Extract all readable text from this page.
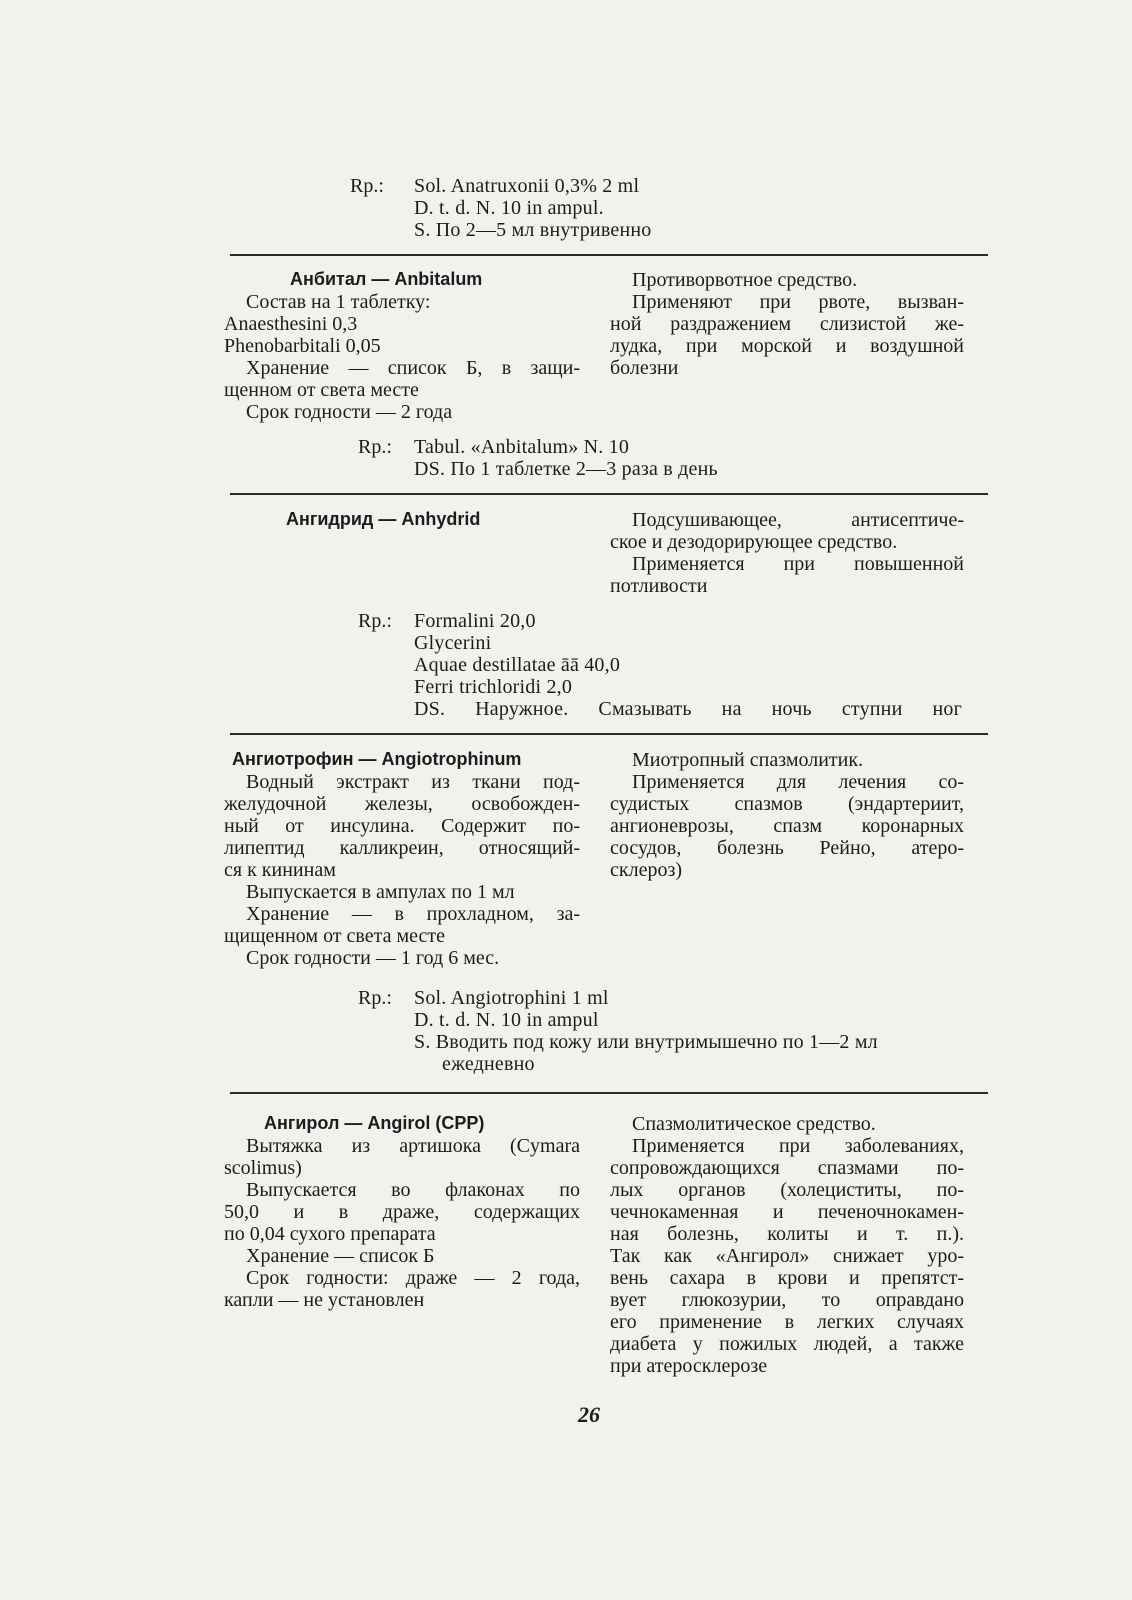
Rp.: Sol. Anatruxonii 0,3% 2 ml
D. t. d. N. 10 in ampul.
S. По 2—5 мл внутривенно
Анбитал — Anbitalum
Состав на 1 таблетку:
Anaesthesini 0,3
Phenobarbitali 0,05
Хранение — список Б, в защи-
щенном от света месте
Срок годности — 2 года
Противорвотное средство.
Применяют при рвоте, вызван-
ной раздражением слизистой же-
лудка, при морской и воздушной
болезни
Rp.: Tabul. «Anbitalum» N. 10
DS. По 1 таблетке 2—3 раза в день
Ангидрид — Anhydrid	Подсушивающее, антисептиче-
ское и дезодорирующее средство.
Применяется при повышенной
потливости
Rp.: Formalini 20,0
Glycerini
Aquae destillatae āā 40,0
Ferri trichloridi 2,0
DS. Наружное. Смазывать на ночь ступни ног
Ангиотрофин — Angiotrophinum
Водный экстракт из ткани под-
желудочной железы, освобожден-
ный от инсулина. Содержит по-
липептид калликреин, относящий-
ся к кининам
Выпускается в ампулах по 1 мл
Хранение — в прохладном, за-
щищенном от света месте
Срок годности — 1 год 6 мес.
Миотропный спазмолитик.
Применяется для лечения со-
судистых спазмов (эндартериит,
ангионеврозы, спазм коронарных
сосудов, болезнь Рейно, атеро-
склероз)
Rp.: Sol. Angiotrophini 1 ml
D. t. d. N. 10 in ampul
S. Вводить под кожу или внутримышечно по 1—2 мл
ежедневно
Ангирол — Angirol (CPP)
Вытяжка из артишока (Cymara
scolimus)
Выпускается во флаконах по
50,0 и в драже, содержащих
по 0,04 сухого препарата
Хранение — список Б
Срок годности: драже — 2 года,
капли — не установлен
Спазмолитическое средство.
Применяется при заболеваниях,
сопровождающихся спазмами по-
лых органов (холециститы, по-
чечнокаменная и печеночнокамен-
ная болезнь, колиты и т. п.).
Так как «Ангирол» снижает уро-
вень сахара в крови и препятст-
вует глюкозурии, то оправдано
его применение в легких случаях
диабета у пожилых людей, а также
при атеросклерозе
26
